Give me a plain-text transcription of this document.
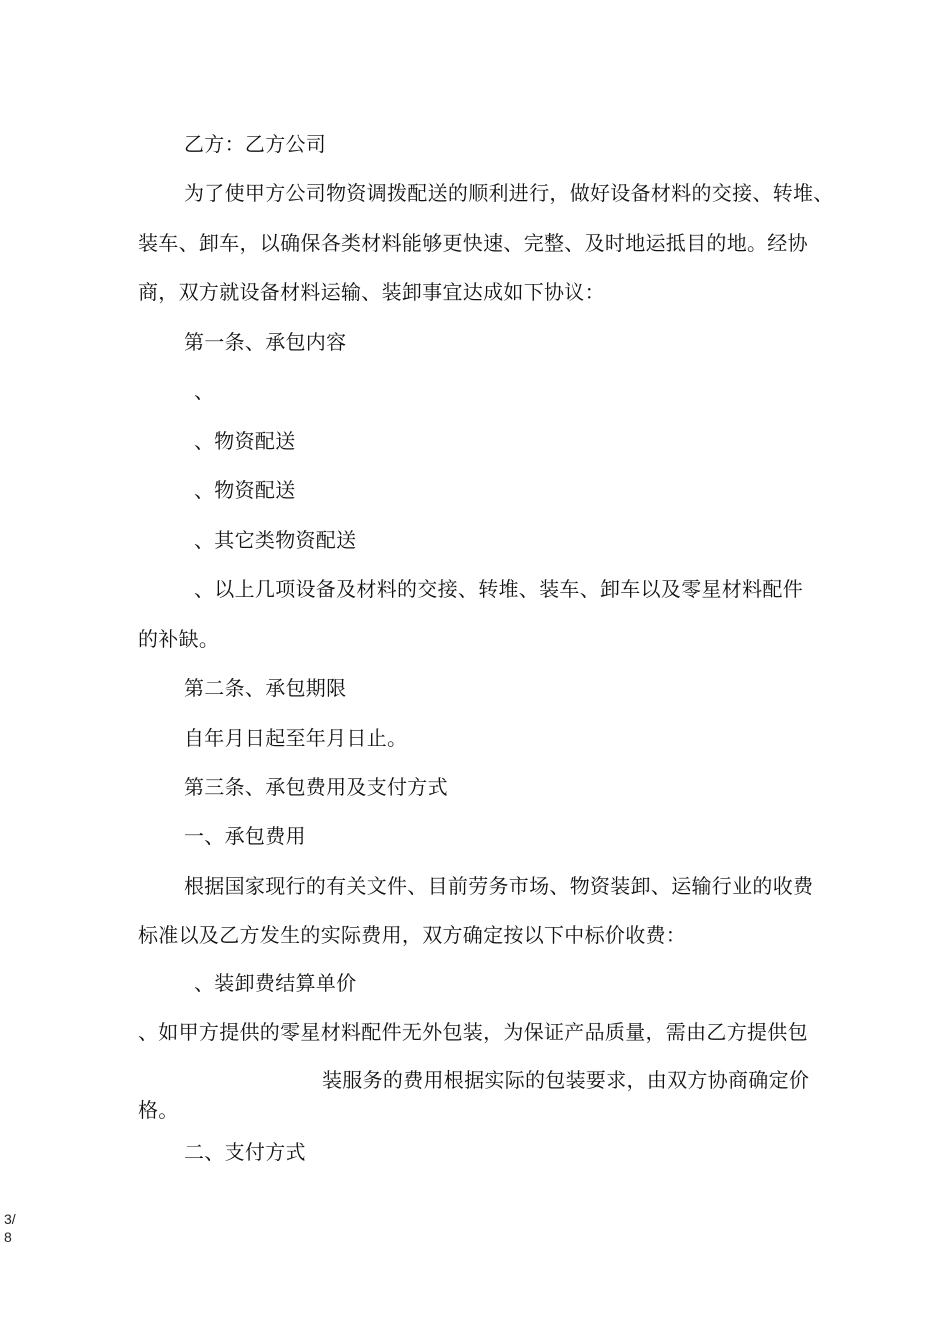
乙方：乙方公司
为了使甲方公司物资调拨配送的顺利进行，做好设备材料的交接、转堆、
装车、卸车，以确保各类材料能够更快速、完整、及时地运抵目的地。经协
商，双方就设备材料运输、装卸事宜达成如下协议：
第一条、承包内容
、
、物资配送
、物资配送
、其它类物资配送
、以上几项设备及材料的交接、转堆、装车、卸车以及零星材料配件
的补缺。
第二条、承包期限
自年月日起至年月日止。
第三条、承包费用及支付方式
一、承包费用
根据国家现行的有关文件、目前劳务市场、物资装卸、运输行业的收费
标准以及乙方发生的实际费用，双方确定按以下中标价收费：
、装卸费结算单价
、如甲方提供的零星材料配件无外包装，为保证产品质量，需由乙方提供包
装服务的费用根据实际的包装要求，由双方协商确定价
格。
二、支付方式
3/
8
